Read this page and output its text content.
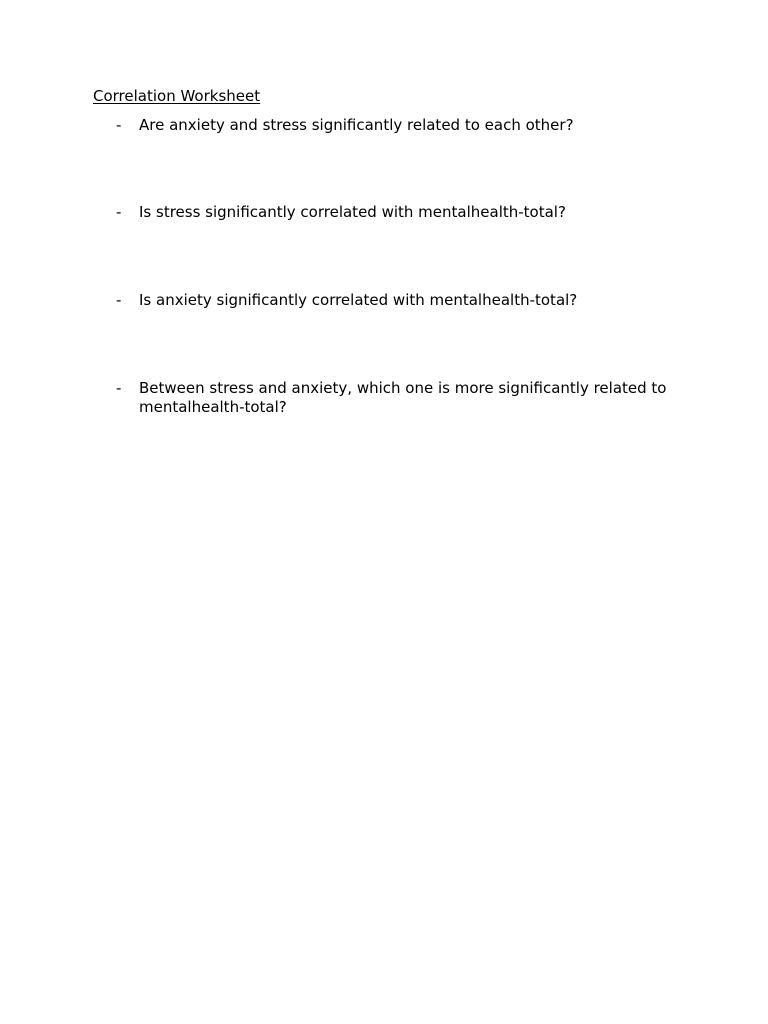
Correlation Worksheet
-	Are anxiety and stress significantly related to each other?
-	Is stress significantly correlated with mentalhealth-total?
-	Is anxiety significantly correlated with mentalhealth-total?
-	Between stress and anxiety, which one is more significantly related to mentalhealth-total?
